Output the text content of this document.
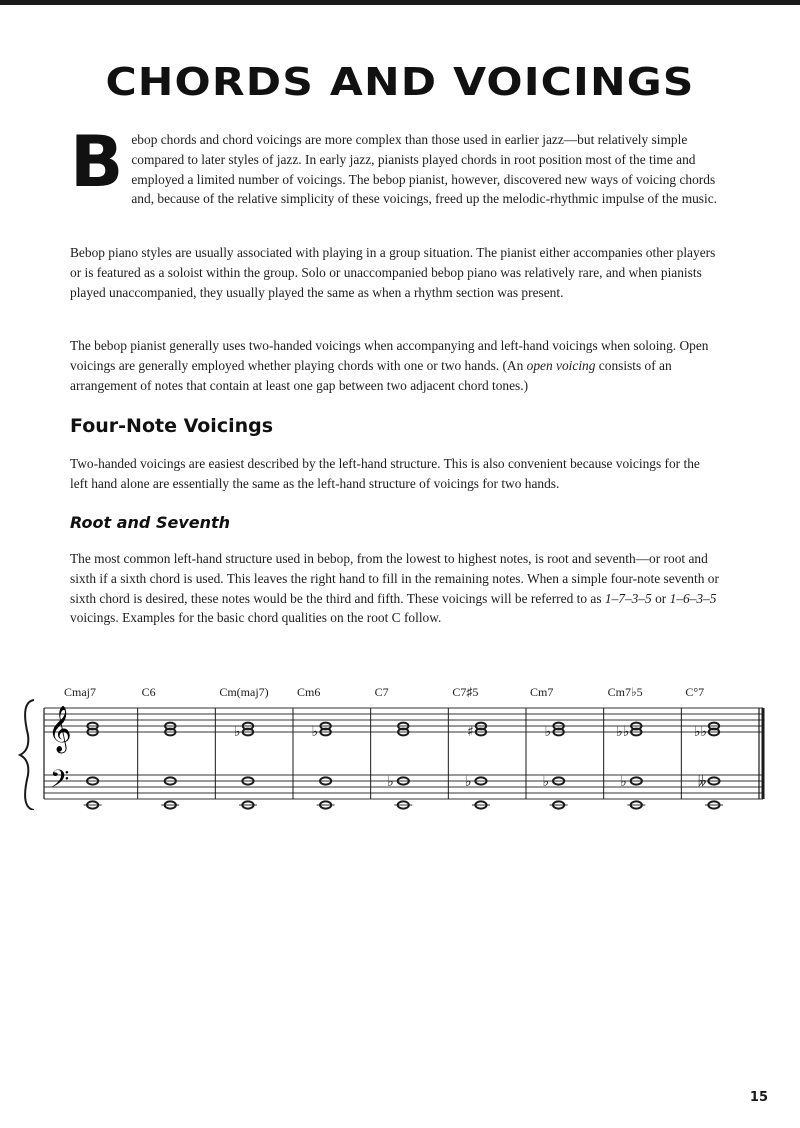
CHORDS AND VOICINGS
B ebop chords and chord voicings are more complex than those used in earlier jazz—but relatively simple compared to later styles of jazz. In early jazz, pianists played chords in root position most of the time and employed a limited number of voicings. The bebop pianist, however, discovered new ways of voicing chords and, because of the relative simplicity of these voicings, freed up the melodic-rhythmic impulse of the music.

Bebop piano styles are usually associated with playing in a group situation. The pianist either accompanies other players or is featured as a soloist within the group. Solo or unaccompanied bebop piano was relatively rare, and when pianists played unaccompanied, they usually played the same as when a rhythm section was present.

The bebop pianist generally uses two-handed voicings when accompanying and left-hand voicings when soloing. Open voicings are generally employed whether playing chords with one or two hands. (An open voicing consists of an arrangement of notes that contain at least one gap between two adjacent chord tones.)

Four-Note Voicings

Two-handed voicings are easiest described by the left-hand structure. This is also convenient because voicings for the left hand alone are essentially the same as the left-hand structure of voicings for two hands.

Root and Seventh

The most common left-hand structure used in bebop, from the lowest to highest notes, is root and seventh—or root and sixth if a sixth chord is used. This leaves the right hand to fill in the remaining notes. When a simple four-note seventh or sixth chord is desired, these notes would be the third and fifth. These voicings will be referred to as 1–7–3–5 or 1–6–3–5 voicings. Examples for the basic chord qualities on the root C follow.

𝄞
𝄢
Cmaj7	C6	Cm(maj7)
♭
Cm6
♭
C7
♭
C7♯5
♯
♭
Cm7
♭
♭
Cm7♭5
♭♭
♭
C°7
♭♭
𝄫
15
